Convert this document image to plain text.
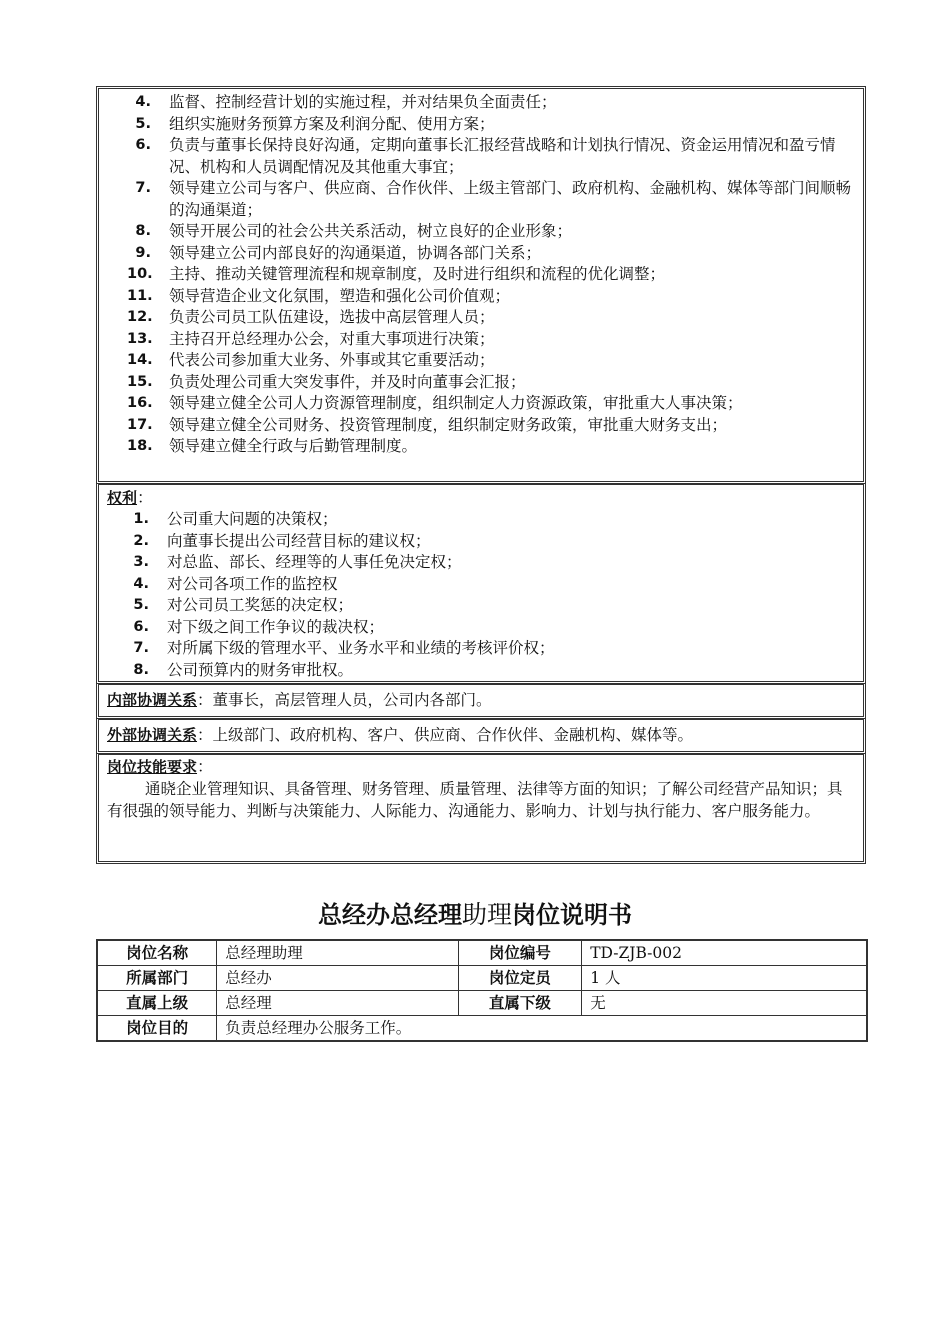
4. 监督、控制经营计划的实施过程，并对结果负全面责任；
5. 组织实施财务预算方案及利润分配、使用方案；
6. 负责与董事长保持良好沟通，定期向董事长汇报经营战略和计划执行情况、资金运用情况和盈亏情况、机构和人员调配情况及其他重大事宜；
7. 领导建立公司与客户、供应商、合作伙伴、上级主管部门、政府机构、金融机构、媒体等部门间顺畅的沟通渠道；
8. 领导开展公司的社会公共关系活动，树立良好的企业形象；
9. 领导建立公司内部良好的沟通渠道，协调各部门关系；
10. 主持、推动关键管理流程和规章制度，及时进行组织和流程的优化调整；
11. 领导营造企业文化氛围，塑造和强化公司价值观；
12. 负责公司员工队伍建设，选拔中高层管理人员；
13. 主持召开总经理办公会，对重大事项进行决策；
14. 代表公司参加重大业务、外事或其它重要活动；
15. 负责处理公司重大突发事件，并及时向董事会汇报；
16. 领导建立健全公司人力资源管理制度，组织制定人力资源政策，审批重大人事决策；
17. 领导建立健全公司财务、投资管理制度，组织制定财务政策，审批重大财务支出；
18. 领导建立健全行政与后勤管理制度。
权利：
1. 公司重大问题的决策权；
2. 向董事长提出公司经营目标的建议权；
3. 对总监、部长、经理等的人事任免决定权；
4. 对公司各项工作的监控权
5. 对公司员工奖惩的决定权；
6. 对下级之间工作争议的裁决权；
7. 对所属下级的管理水平、业务水平和业绩的考核评价权；
8. 公司预算内的财务审批权。
内部协调关系：董事长，高层管理人员，公司内各部门。
外部协调关系：上级部门、政府机构、客户、供应商、合作伙伴、金融机构、媒体等。
岗位技能要求：

通晓企业管理知识、具备管理、财务管理、质量管理、法律等方面的知识；了解公司经营产品知识；具有很强的领导能力、判断与决策能力、人际能力、沟通能力、影响力、计划与执行能力、客户服务能力。

总经办总经理助理岗位说明书
岗位名称	总经理助理	岗位编号	TD-ZJB-002
所属部门	总经办	岗位定员	1 人
直属上级	总经理	直属下级	无
岗位目的	负责总经理办公服务工作。		
